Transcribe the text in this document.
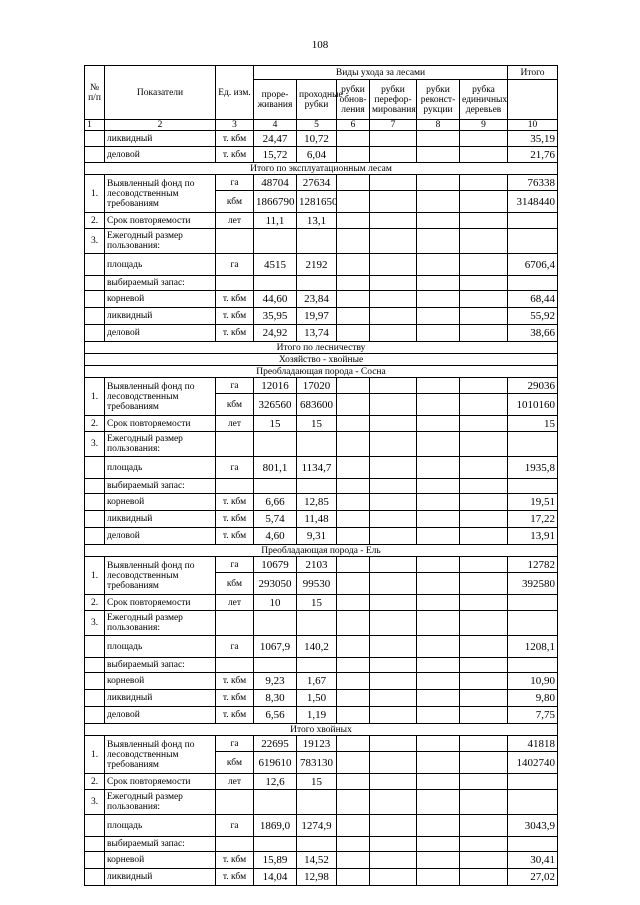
108
№ п/п	Показатели	Ед. изм.	Виды ухода за лесами						Итого
			прорe-живания	проходные рубки	рубки обнов-ления	рубки перефор-мирования	рубки реконст-рукции	рубка единичных деревьев	
1	2	3	4	5	6	7	8	9	10
	ликвидный	т. кбм	24,47	10,72					35,19
	деловой	т. кбм	15,72	6,04					21,76
Итого по эксплуатационным лесам									
1.	Выявленный фонд по лесоводственным требованиям	га	48704	27634					76338
		кбм	1866790	1281650					3148440
2.	Срок повторяемости	лет	11,1	13,1					
3.	Ежегодный размер пользования:								
	площадь	га	4515	2192					6706,4
	выбираемый запас:								
	корневой	т. кбм	44,60	23,84					68,44
	ликвидный	т. кбм	35,95	19,97					55,92
	деловой	т. кбм	24,92	13,74					38,66
Итого по лесничеству									
Хозяйство - хвойные									
Преобладающая порода - Сосна									
1.	Выявленный фонд по лесоводственным требованиям	га	12016	17020					29036
		кбм	326560	683600					1010160
2.	Срок повторяемости	лет	15	15					15
3.	Ежегодный размер пользования:								
	площадь	га	801,1	1134,7					1935,8
	выбираемый запас:								
	корневой	т. кбм	6,66	12,85					19,51
	ликвидный	т. кбм	5,74	11,48					17,22
	деловой	т. кбм	4,60	9,31					13,91
Преобладающая порода - Ель									
1.	Выявленный фонд по лесоводственным требованиям	га	10679	2103					12782
		кбм	293050	99530					392580
2.	Срок повторяемости	лет	10	15					
3.	Ежегодный размер пользования:								
	площадь	га	1067,9	140,2					1208,1
	выбираемый запас:								
	корневой	т. кбм	9,23	1,67					10,90
	ликвидный	т. кбм	8,30	1,50					9,80
	деловой	т. кбм	6,56	1,19					7,75
Итого хвойных									
1.	Выявленный фонд по лесоводственным требованиям	га	22695	19123					41818
		кбм	619610	783130					1402740
2.	Срок повторяемости	лет	12,6	15					
3.	Ежегодный размер пользования:								
	площадь	га	1869,0	1274,9					3043,9
	выбираемый запас:								
	корневой	т. кбм	15,89	14,52					30,41
	ликвидный	т. кбм	14,04	12,98					27,02
